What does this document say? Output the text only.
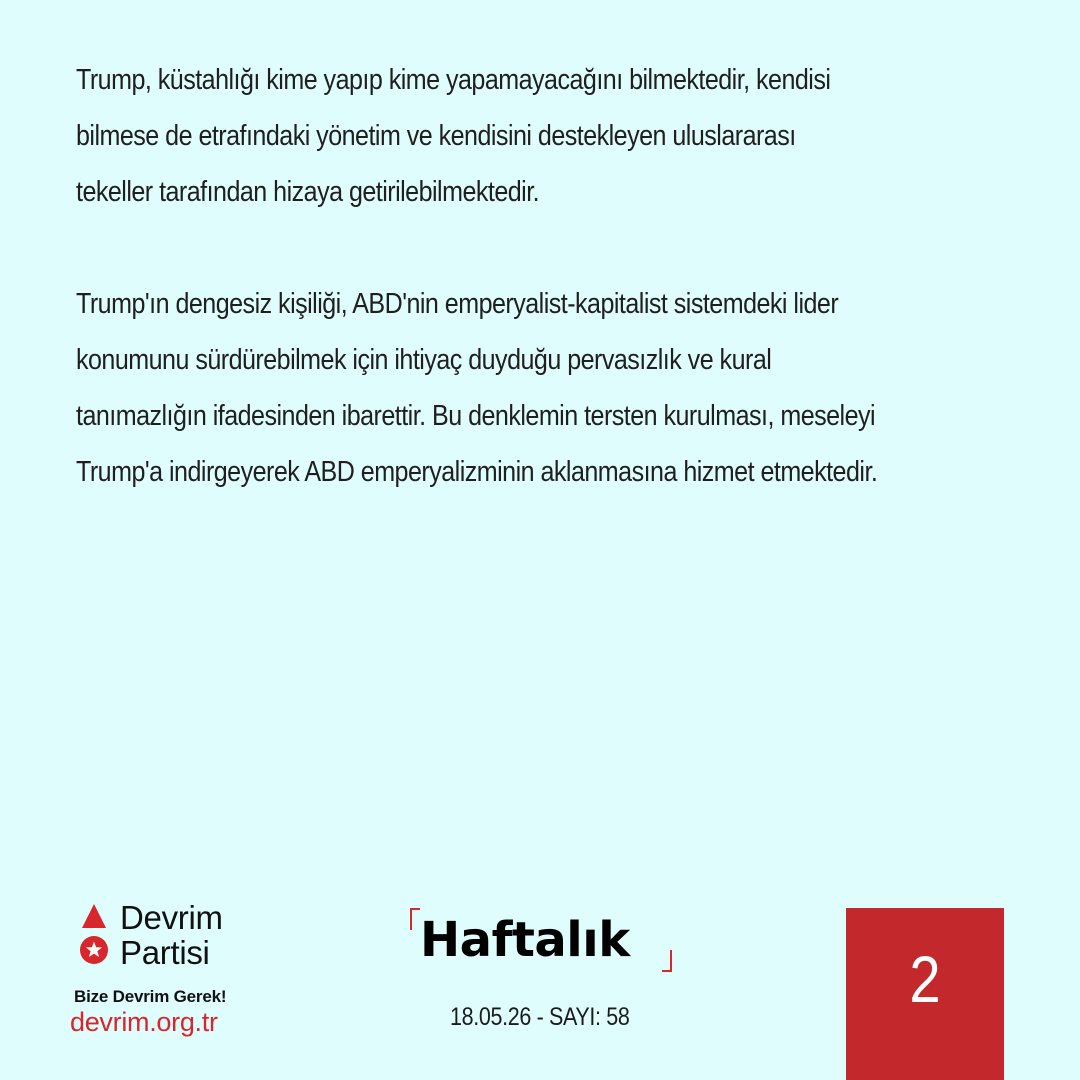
Trump, küstahlığı kime yapıp kime yapamayacağını bilmektedir, kendisi
bilmese de etrafındaki yönetim ve kendisini destekleyen uluslararası
tekeller tarafından hizaya getirilebilmektedir.

Trump'ın dengesiz kişiliği, ABD'nin emperyalist-kapitalist sistemdeki lider
konumunu sürdürebilmek için ihtiyaç duyduğu pervasızlık ve kural
tanımazlığın ifadesinden ibarettir. Bu denklemin tersten kurulması, meseleyi
Trump'a indirgeyerek ABD emperyalizminin aklanmasına hizmet etmektedir.

Devrim
Partisi
Bize Devrim Gerek!
devrim.org.tr
Haftalık
18.05.26 - SAYI: 58
2
